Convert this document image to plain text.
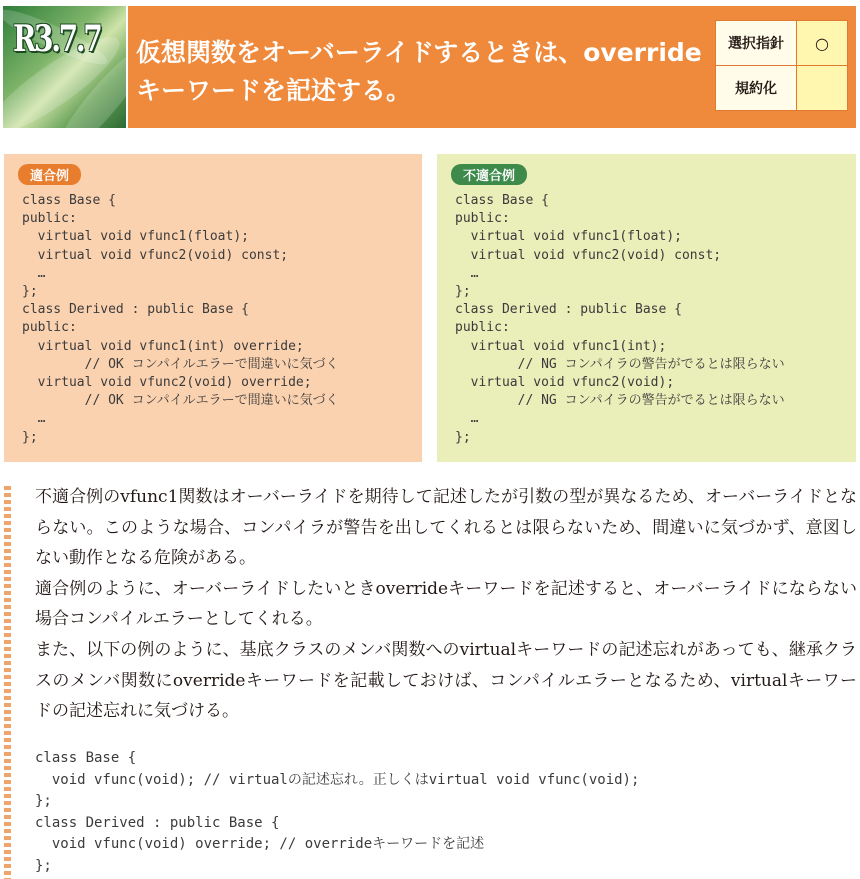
R3.7.7 仮想関数をオーバーライドするときは、override
キーワードを記述する。
選択指針	○
規約化	
適合例
class Base {
public:
virtual void vfunc1(float);
virtual void vfunc2(void) const;
…
};
class Derived : public Base {
public:
virtual void vfunc1(int) override;
// OK コンパイルエラーで間違いに気づく
virtual void vfunc2(void) override;
// OK コンパイルエラーで間違いに気づく
…
};
不適合例
class Base {
public:
virtual void vfunc1(float);
virtual void vfunc2(void) const;
…
};
class Derived : public Base {
public:
virtual void vfunc1(int);
// NG コンパイラの警告がでるとは限らない
virtual void vfunc2(void);
// NG コンパイラの警告がでるとは限らない
…
};

不適合例のvfunc1関数はオーバーライドを期待して記述したが引数の型が異なるため、オーバーライドとならない。このような場合、コンパイラが警告を出してくれるとは限らないため、間違いに気づかず、意図しない動作となる危険がある。

適合例のように、オーバーライドしたいときoverrideキーワードを記述すると、オーバーライドにならない場合コンパイルエラーとしてくれる。

また、以下の例のように、基底クラスのメンバ関数へのvirtualキーワードの記述忘れがあっても、継承クラスのメンバ関数にoverrideキーワードを記載しておけば、コンパイルエラーとなるため、virtualキーワードの記述忘れに気づける。

class Base {
void vfunc(void); // virtualの記述忘れ。正しくはvirtual void vfunc(void);
};
class Derived : public Base {
void vfunc(void) override; // overrideキーワードを記述
};
